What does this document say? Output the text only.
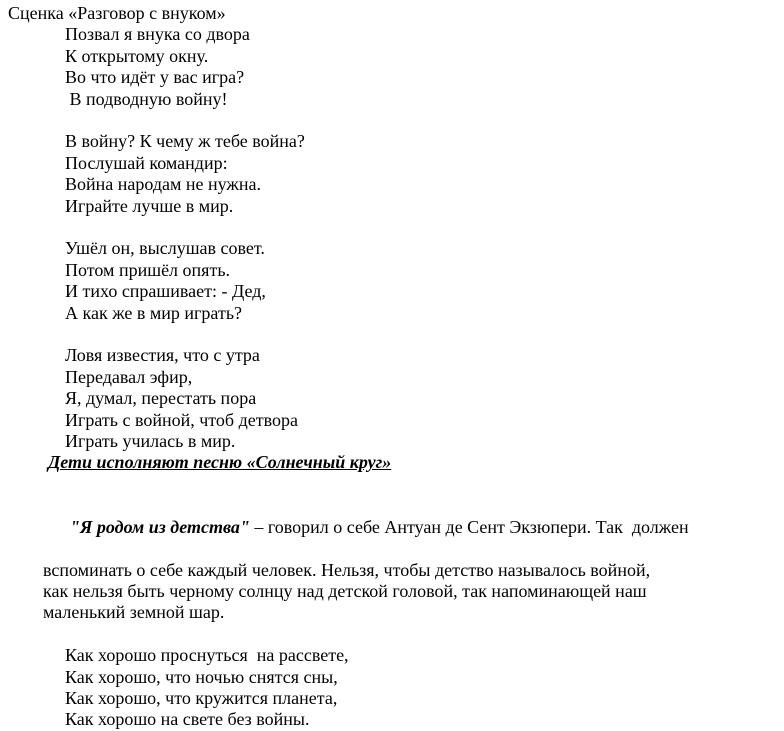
Сценка «Разговор с внуком»
Позвал я внука со двора
К открытому окну.
Во что идёт у вас игра?
В подводную войну!
В войну? К чему ж тебе война?
Послушай командир:
Война народам не нужна.
Играйте лучше в мир.
Ушёл он, выслушав совет.
Потом пришёл опять.
И тихо спрашивает: - Дед,
А как же в мир играть?
Ловя известия, что с утра
Передавал эфир,
Я, думал, перестать пора
Играть с войной, чтоб детвора
Играть училась в мир.
Дети исполняют песню «Солнечный круг»

"Я родом из детства" – говорил о себе Антуан де Сент Экзюпери. Так  должен

вспоминать о себе каждый человек. Нельзя, чтобы детство называлось войной,
как нельзя быть черному солнцу над детской головой, так напоминающей наш
маленький земной шар.
Как хорошо проснуться  на рассвете,
Как хорошо, что ночью снятся сны,
Как хорошо, что кружится планета,
Как хорошо на свете без войны.
